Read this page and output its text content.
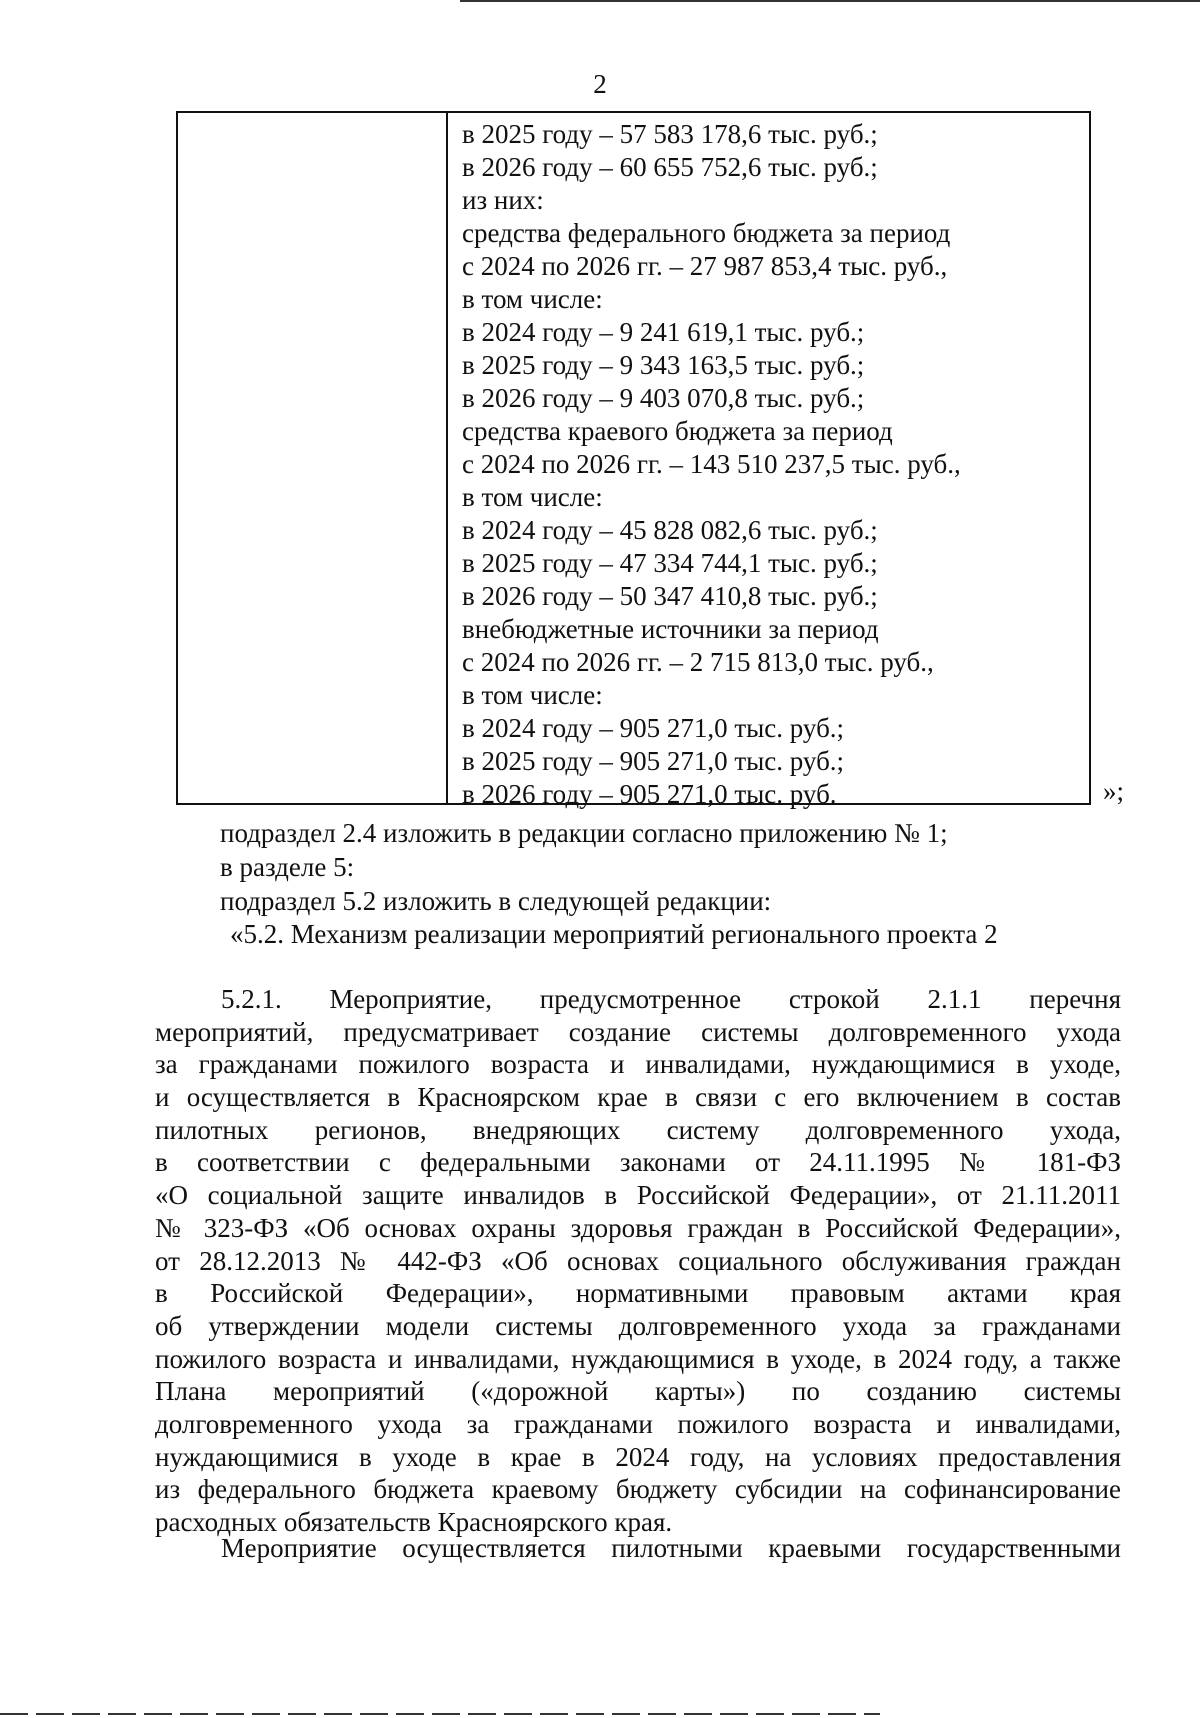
2
в 2025 году – 57 583 178,6 тыс. руб.;
в 2026 году – 60 655 752,6 тыс. руб.;
из них:
средства федерального бюджета за период
с 2024 по 2026 гг. – 27 987 853,4 тыс. руб.,
в том числе:
в 2024 году – 9 241 619,1 тыс. руб.;
в 2025 году – 9 343 163,5 тыс. руб.;
в 2026 году – 9 403 070,8 тыс. руб.;
средства краевого бюджета за период
с 2024 по 2026 гг. – 143 510 237,5 тыс. руб.,
в том числе:
в 2024 году – 45 828 082,6 тыс. руб.;
в 2025 году – 47 334 744,1 тыс. руб.;
в 2026 году – 50 347 410,8 тыс. руб.;
внебюджетные источники за период
с 2024 по 2026 гг. – 2 715 813,0 тыс. руб.,
в том числе:
в 2024 году – 905 271,0 тыс. руб.;
в 2025 году – 905 271,0 тыс. руб.;
в 2026 году – 905 271,0 тыс. руб.	»;
подраздел 2.4 изложить в редакции согласно приложению № 1;
в разделе 5:
подраздел 5.2 изложить в следующей редакции:
«5.2. Механизм реализации мероприятий регионального проекта 2
5.2.1. Мероприятие, предусмотренное строкой 2.1.1 перечня
мероприятий, предусматривает создание системы долговременного ухода
за гражданами пожилого возраста и инвалидами, нуждающимися в уходе,
и осуществляется в Красноярском крае в связи с его включением в состав
пилотных регионов, внедряющих систему долговременного ухода,
в соответствии с федеральными законами от 24.11.1995 № 181-ФЗ
«О социальной защите инвалидов в Российской Федерации», от 21.11.2011
№ 323-ФЗ «Об основах охраны здоровья граждан в Российской Федерации»,
от 28.12.2013 № 442-ФЗ «Об основах социального обслуживания граждан
в Российской Федерации», нормативными правовым актами края
об утверждении модели системы долговременного ухода за гражданами
пожилого возраста и инвалидами, нуждающимися в уходе, в 2024 году, а также
Плана мероприятий («дорожной карты») по созданию системы
долговременного ухода за гражданами пожилого возраста и инвалидами,
нуждающимися в уходе в крае в 2024 году, на условиях предоставления
из федерального бюджета краевому бюджету субсидии на софинансирование
расходных обязательств Красноярского края.
Мероприятие осуществляется пилотными краевыми государственными
